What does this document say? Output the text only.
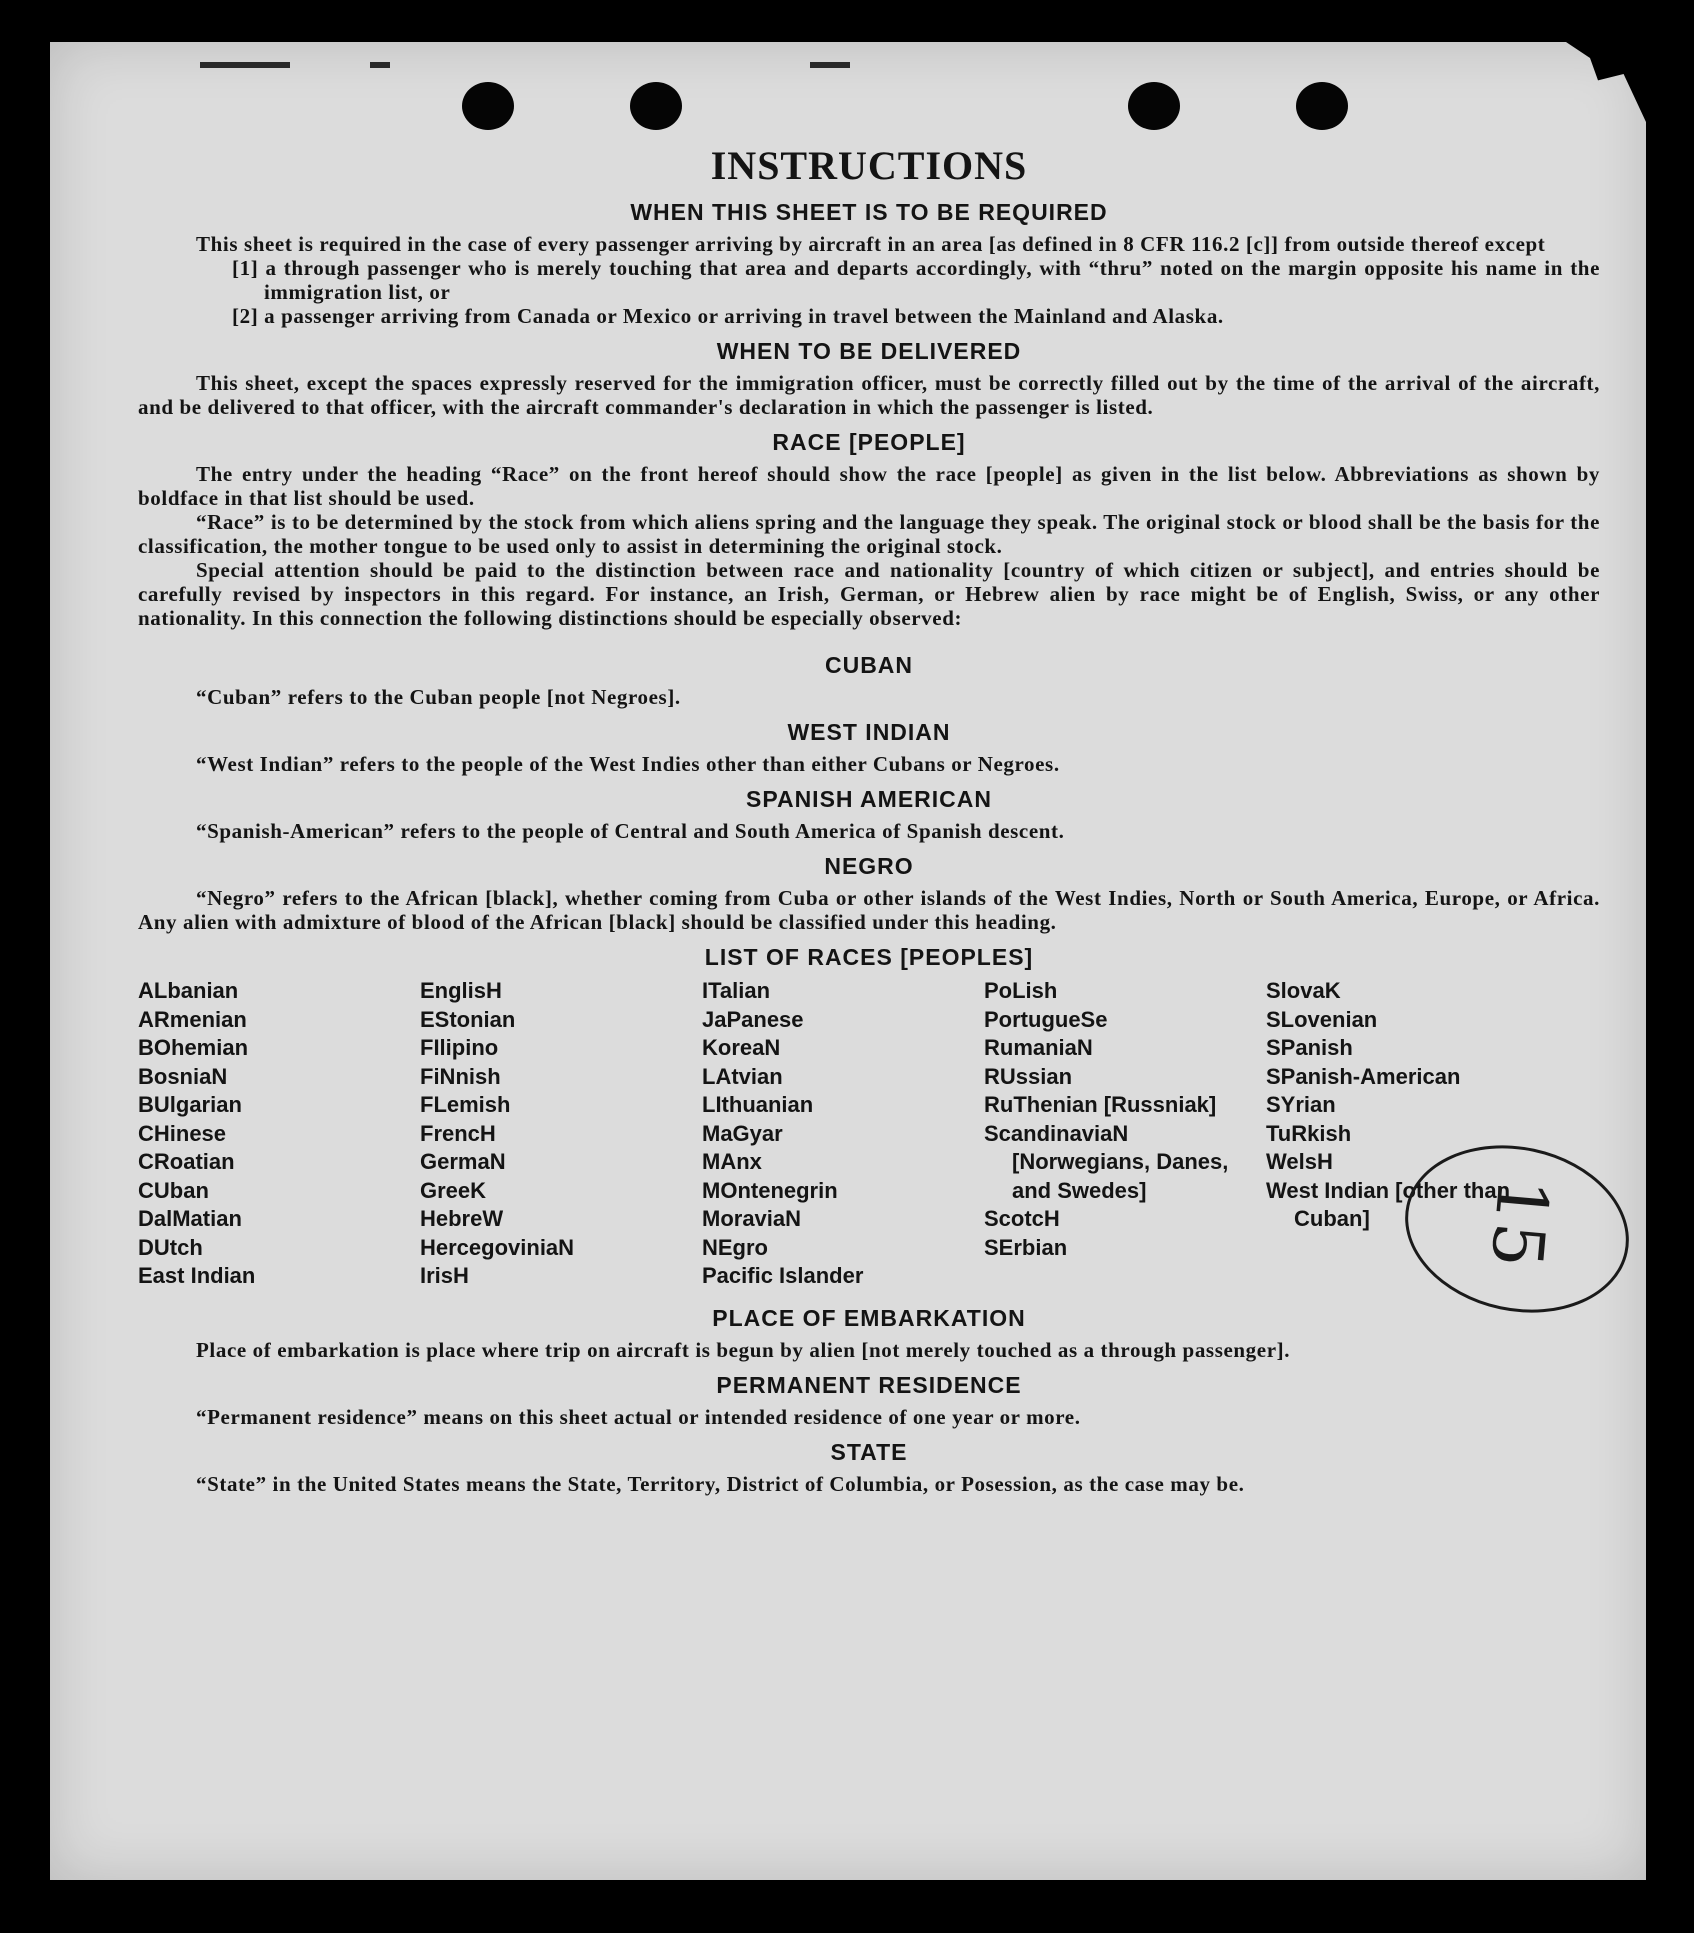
INSTRUCTIONS
WHEN THIS SHEET IS TO BE REQUIRED

This sheet is required in the case of every passenger arriving by aircraft in an area [as defined in 8 CFR 116.2 [c]] from outside thereof except

[1] a through passenger who is merely touching that area and departs accordingly, with “thru” noted on the margin opposite his name in the immigration list, or

[2] a passenger arriving from Canada or Mexico or arriving in travel between the Mainland and Alaska.

WHEN TO BE DELIVERED

This sheet, except the spaces expressly reserved for the immigration officer, must be correctly filled out by the time of the arrival of the aircraft, and be delivered to that officer, with the aircraft commander's declaration in which the passenger is listed.

RACE [PEOPLE]

The entry under the heading “Race” on the front hereof should show the race [people] as given in the list below. Abbreviations as shown by boldface in that list should be used.

“Race” is to be determined by the stock from which aliens spring and the language they speak. The original stock or blood shall be the basis for the classification, the mother tongue to be used only to assist in determining the original stock.

Special attention should be paid to the distinction between race and nationality [country of which citizen or subject], and entries should be carefully revised by inspectors in this regard. For instance, an Irish, German, or Hebrew alien by race might be of English, Swiss, or any other nationality. In this connection the following distinctions should be especially observed:

CUBAN

“Cuban” refers to the Cuban people [not Negroes].

WEST INDIAN

“West Indian” refers to the people of the West Indies other than either Cubans or Negroes.

SPANISH AMERICAN

“Spanish-American” refers to the people of Central and South America of Spanish descent.

NEGRO

“Negro” refers to the African [black], whether coming from Cuba or other islands of the West Indies, North or South America, Europe, or Africa. Any alien with admixture of blood of the African [black] should be classified under this heading.

LIST OF RACES [PEOPLES]
ALbanian
ARmenian
BOhemian
BosniaN
BUlgarian
CHinese
CRoatian
CUban
DalMatian
DUtch
East Indian
EnglisH
EStonian
FIlipino
FiNnish
FLemish
FrencH
GermaN
GreeK
HebreW
HercegoviniaN
IrisH
ITalian
JaPanese
KoreaN
LAtvian
LIthuanian
MaGyar
MAnx
MOntenegrin
MoraviaN
NEgro
Pacific Islander
PoLish
PortugueSe
RumaniaN
RUssian
RuThenian [Russniak]
ScandinaviaN [Norwegians, Danes, and Swedes]
ScotcH
SErbian
SlovaK
SLovenian
SPanish
SPanish-American
SYrian
TuRkish
WelsH
West Indian [other than Cuban]
PLACE OF EMBARKATION

Place of embarkation is place where trip on aircraft is begun by alien [not merely touched as a through passenger].

PERMANENT RESIDENCE

“Permanent residence” means on this sheet actual or intended residence of one year or more.

STATE

“State” in the United States means the State, Territory, District of Columbia, or Posession, as the case may be.

15
